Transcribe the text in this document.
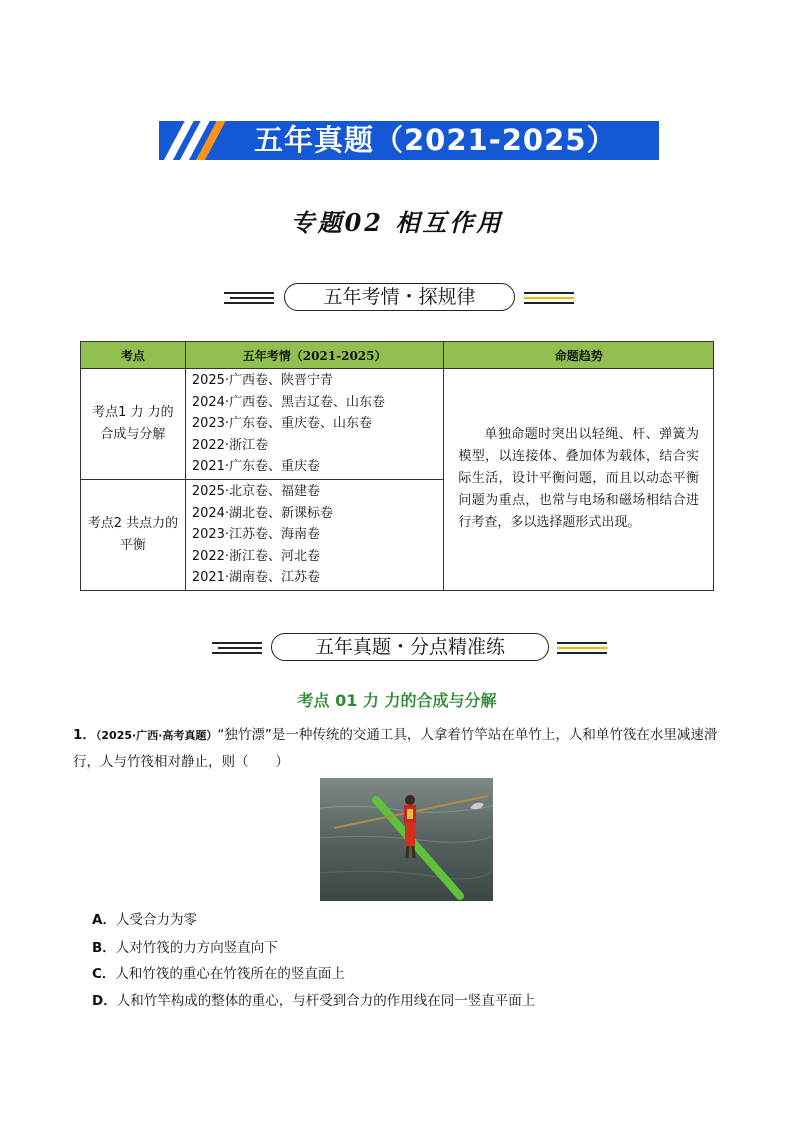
五年真题（2021-2025）
专题02 相互作用
五年考情・探规律
考点	五年考情（2021-2025）	命题趋势
考点1 力 力的合成与分解	2025·广西卷、陕晋宁青
2024·广西卷、黑吉辽卷、山东卷
2023·广东卷、重庆卷、山东卷
2022·浙江卷
2021·广东卷、重庆卷	单独命题时突出以轻绳、杆、弹簧为模型，以连接体、叠加体为载体，结合实际生活，设计平衡问题，而且以动态平衡问题为重点，也常与电场和磁场相结合进行考查，多以选择题形式出现。
考点2 共点力的平衡	2025·北京卷、福建卷
2024·湖北卷、新课标卷
2023·江苏卷、海南卷
2022·浙江卷、河北卷
2021·湖南卷、江苏卷	
五年真题・分点精准练
考点 01 力 力的合成与分解
1．（2025·广西·高考真题）“独竹漂”是一种传统的交通工具，人拿着竹竿站在单竹上，人和单竹筏在水里减速滑行，人与竹筏相对静止，则（　　）
A．人受合力为零
B．人对竹筏的力方向竖直向下
C．人和竹筏的重心在竹筏所在的竖直面上
D．人和竹竿构成的整体的重心，与杆受到合力的作用线在同一竖直平面上
